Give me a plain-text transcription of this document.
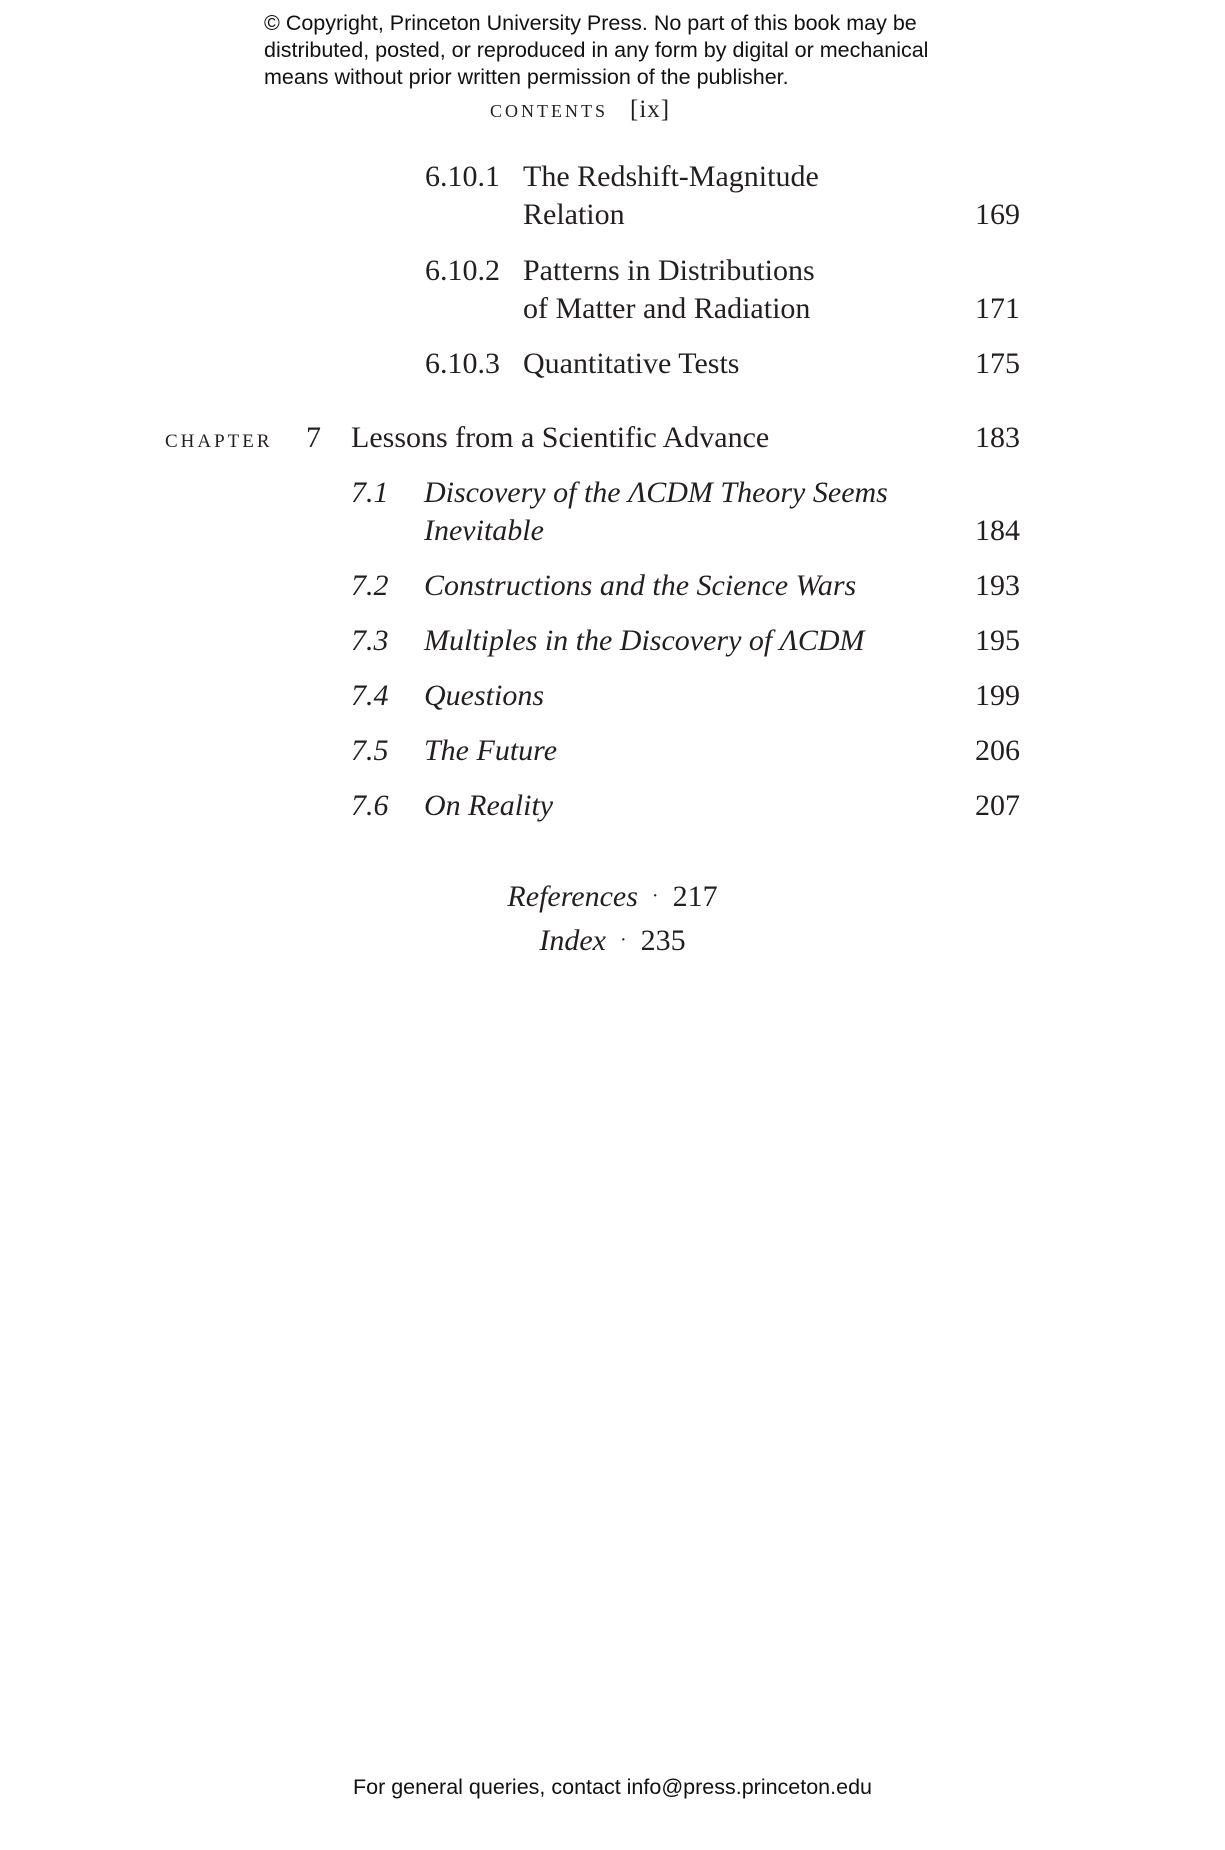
© Copyright, Princeton University Press. No part of this book may be
distributed, posted, or reproduced in any form by digital or mechanical
means without prior written permission of the publisher.
contents [ix]
6.10.1 The Redshift-Magnitude
Relation	169
6.10.2 Patterns in Distributions
of Matter and Radiation	171
6.10.3 Quantitative Tests	175
chapter 7 Lessons from a Scientific Advance	183
7.1 Discovery of the ΛCDM Theory Seems
Inevitable	184
7.2 Constructions and the Science Wars	193
7.3 Multiples in the Discovery of ΛCDM	195
7.4 Questions	199
7.5 The Future	206
7.6 On Reality	207
References · 217
Index · 235
For general queries, contact info@press.princeton.edu
